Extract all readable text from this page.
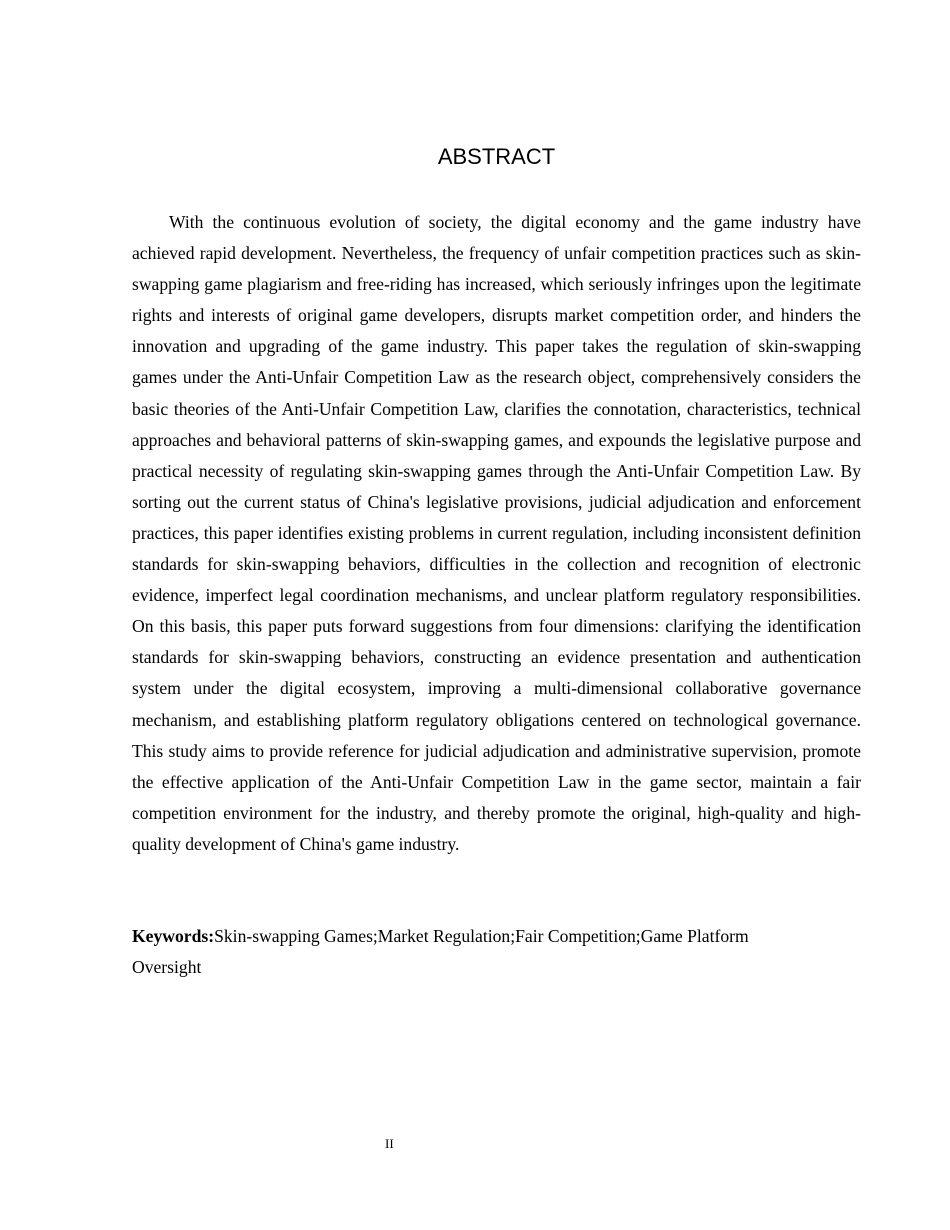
ABSTRACT

With the continuous evolution of society, the digital economy and the game industry have achieved rapid development. Nevertheless, the frequency of unfair competition practices such as skin-swapping game plagiarism and free-riding has increased, which seriously infringes upon the legitimate rights and interests of original game developers, disrupts market competition order, and hinders the innovation and upgrading of the game industry. This paper takes the regulation of skin-swapping games under the Anti-Unfair Competition Law as the research object, comprehensively considers the basic theories of the Anti-Unfair Competition Law, clarifies the connotation, characteristics, technical approaches and behavioral patterns of skin-swapping games, and expounds the legislative purpose and practical necessity of regulating skin-swapping games through the Anti-Unfair Competition Law. By sorting out the current status of China's legislative provisions, judicial adjudication and enforcement practices, this paper identifies existing problems in current regulation, including inconsistent definition standards for skin-swapping behaviors, difficulties in the collection and recognition of electronic evidence, imperfect legal coordination mechanisms, and unclear platform regulatory responsibilities. On this basis, this paper puts forward suggestions from four dimensions: clarifying the identification standards for skin-swapping behaviors, constructing an evidence presentation and authentication system under the digital ecosystem, improving a multi-dimensional collaborative governance mechanism, and establishing platform regulatory obligations centered on technological governance. This study aims to provide reference for judicial adjudication and administrative supervision, promote the effective application of the Anti-Unfair Competition Law in the game sector, maintain a fair competition environment for the industry, and thereby promote the original, high-quality and high-quality development of China's game industry.

Keywords:Skin-swapping Games;Market Regulation;Fair Competition;Game Platform Oversight

II
